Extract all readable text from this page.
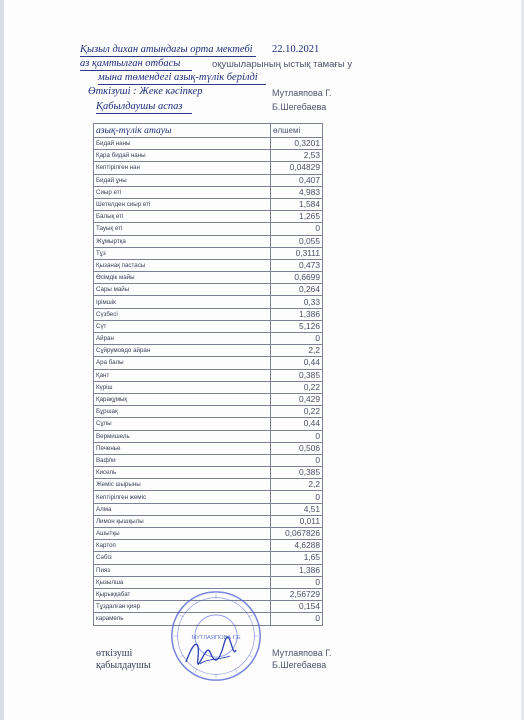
Қызыл дихан атындағы орта мектебі 22.10.2021
аз қамтылған отбасы	оқушыларының ыстық тамағы у
мына төмендегі азық-түлік берілді
Өткізуші : Жеке кәсіпкер	Мутлаяпова Г.
Қабылдаушы аспаз	Б.Шегебаева
азық-түлік атауы	өлшемі
Бидай наны	0,3201
Қара бидай наны	2,53
Кептірілген нан	0,04829
Бидай ұны	0,407
Сиыр еті	4,983
Шетелден сиыр еті	1,584
Балық еті	1,265
Тауық еті	0
Жұмыртқа	0,055
Тұз	0,3111
Қызанақ пастасы	0,473
Өсімдік майы	0,6699
Сары майы	0,264
Ірімшік	0,33
Сүзбесі	1,386
Сүт	5,126
Айран	0
Сұйрумовдо айран	2,2
Ара балы	0,44
Қант	0,385
Күріш	0,22
Қарақұмық	0,429
Бұршақ	0,22
Сұлы	0,44
Вермишель	0
Печенье	0,506
Вафли	0
Кисель	0,385
Жеміс шырыны	2,2
Кептірілген жеміс	0
Алма	4,51
Лимон қышқылы	0,011
Ашытқы	0,067826
Картоп	4,6288
Сәбіз	1,65
Пияз	1,386
Қызылша	0
Қырыққабат	2,56729
Тұздалған қияр	0,154
карамель	0
МУТЛАЯПОВА Г.Е
өткізуші	Мутлаяпова Г.
қабылдаушы	Б.Шегебаева
